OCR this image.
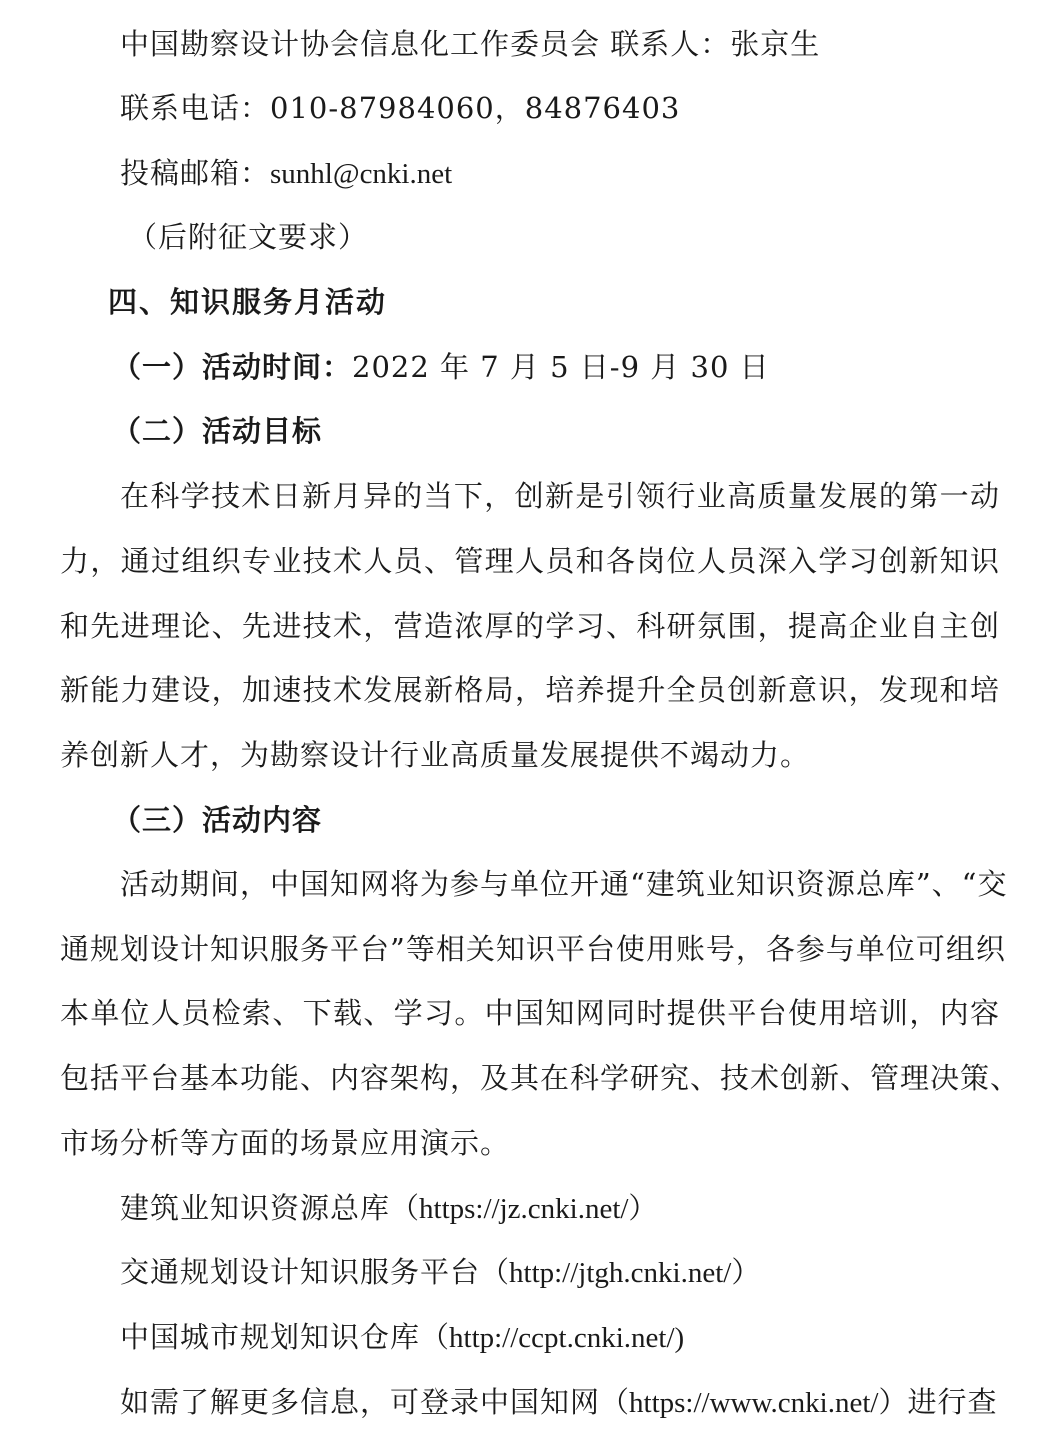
中国勘察设计协会信息化工作委员会 联系人：张京生
联系电话：010-87984060，84876403
投稿邮箱：sunhl@cnki.net
（后附征文要求）
四、知识服务月活动
（一）活动时间：2022 年 7 月 5 日-9 月 30 日
（二）活动目标
在科学技术日新月异的当下，创新是引领行业高质量发展的第一动
力，通过组织专业技术人员、管理人员和各岗位人员深入学习创新知识
和先进理论、先进技术，营造浓厚的学习、科研氛围，提高企业自主创
新能力建设，加速技术发展新格局，培养提升全员创新意识，发现和培
养创新人才，为勘察设计行业高质量发展提供不竭动力。
（三）活动内容
活动期间，中国知网将为参与单位开通“建筑业知识资源总库”、“交
通规划设计知识服务平台”等相关知识平台使用账号，各参与单位可组织
本单位人员检索、下载、学习。中国知网同时提供平台使用培训，内容
包括平台基本功能、内容架构，及其在科学研究、技术创新、管理决策、
市场分析等方面的场景应用演示。
建筑业知识资源总库（https://jz.cnki.net/）
交通规划设计知识服务平台（http://jtgh.cnki.net/）
中国城市规划知识仓库（http://ccpt.cnki.net/)
如需了解更多信息，可登录中国知网（https://www.cnki.net/）进行查
